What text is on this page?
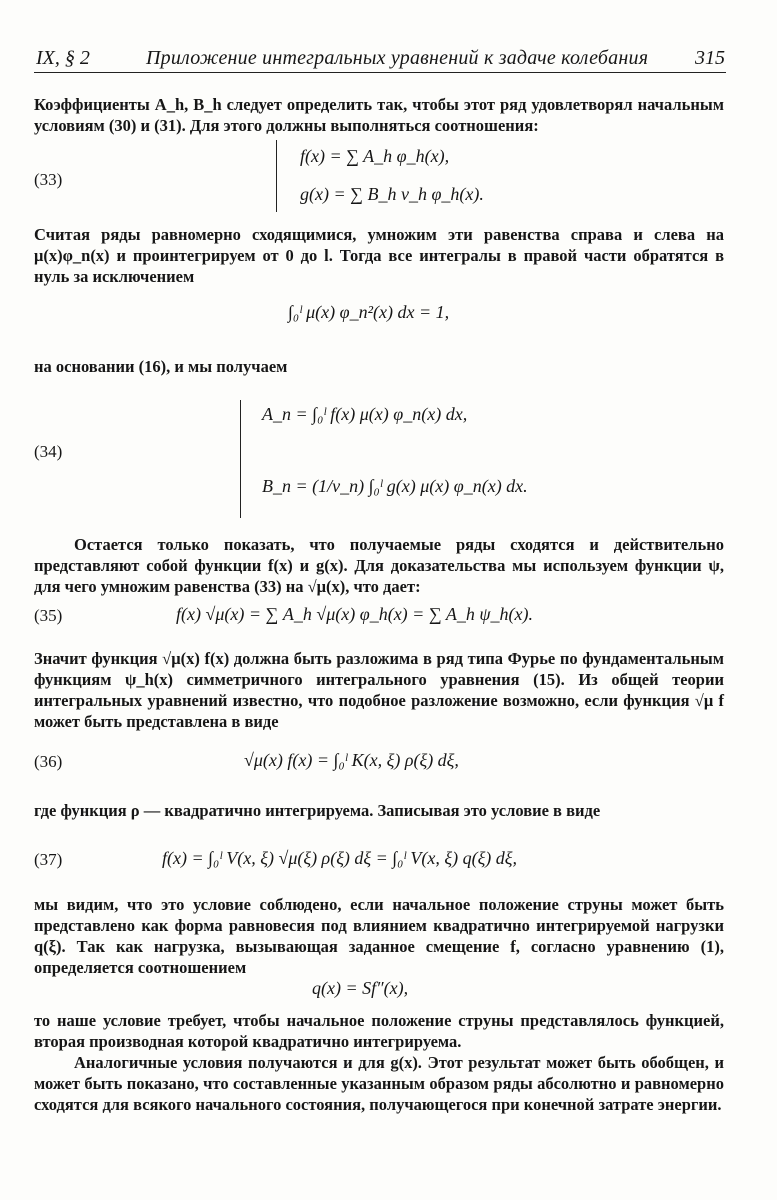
IX, § 2	Приложение интегральных уравнений к задаче колебания 315
Коэффициенты A_h, B_h следует определить так, чтобы этот ряд удовлетворял начальным условиям (30) и (31). Для этого должны выполняться соотношения:
(33)
f(x) = ∑ A_h φ_h(x),
g(x) = ∑ B_h ν_h φ_h(x).
Считая ряды равномерно сходящимися, умножим эти равенства справа и слева на μ(x)φ_n(x) и проинтегрируем от 0 до l. Тогда все интегралы в правой части обратятся в нуль за исключением
∫₀ˡ μ(x) φ_n²(x) dx = 1,
на основании (16), и мы получаем
(34)
A_n = ∫₀ˡ f(x) μ(x) φ_n(x) dx,
B_n = (1/ν_n) ∫₀ˡ g(x) μ(x) φ_n(x) dx.
Остается только показать, что получаемые ряды сходятся и действительно представляют собой функции f(x) и g(x). Для доказательства мы используем функции ψ, для чего умножим равенства (33) на √μ(x), что дает:
(35)	f(x) √μ(x) = ∑ A_h √μ(x) φ_h(x) = ∑ A_h ψ_h(x).
Значит функция √μ(x) f(x) должна быть разложима в ряд типа Фурье по фундаментальным функциям ψ_h(x) симметричного интегрального уравнения (15). Из общей теории интегральных уравнений известно, что подобное разложение возможно, если функция √μ f может быть представлена в виде
(36)	√μ(x) f(x) = ∫₀ˡ K(x, ξ) ρ(ξ) dξ,
где функция ρ — квадратично интегрируема. Записывая это условие в виде
(37)	f(x) = ∫₀ˡ V(x, ξ) √μ(ξ) ρ(ξ) dξ = ∫₀ˡ V(x, ξ) q(ξ) dξ,
мы видим, что это условие соблюдено, если начальное положение струны может быть представлено как форма равновесия под влиянием квадратично интегрируемой нагрузки q(ξ). Так как нагрузка, вызывающая заданное смещение f, согласно уравнению (1), определяется соотношением
q(x) = Sf″(x),
то наше условие требует, чтобы начальное положение струны представлялось функцией, вторая производная которой квадратично интегрируема.
Аналогичные условия получаются и для g(x). Этот результат может быть обобщен, и может быть показано, что составленные указанным образом ряды абсолютно и равномерно сходятся для всякого начального состояния, получающегося при конечной затрате энергии.
